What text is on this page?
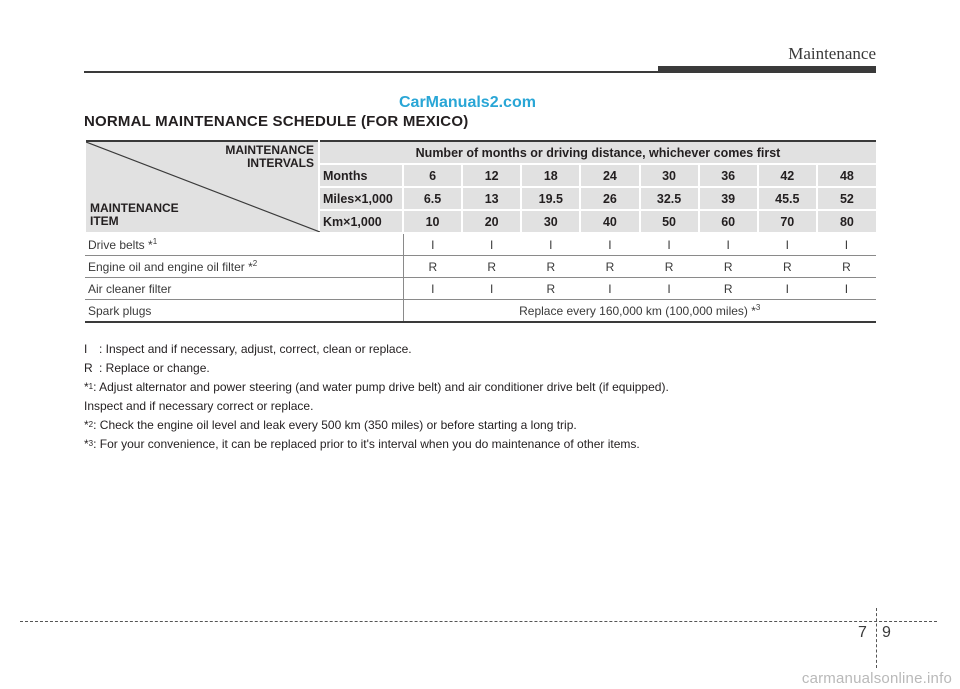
Maintenance
CarManuals2.com
NORMAL MAINTENANCE SCHEDULE (FOR MEXICO)
MAINTENANCE
INTERVALS
MAINTENANCE
ITEM	Number of months or driving distance, whichever comes first								
	Months	6	12	18	24	30	36	42	48
	Miles×1,000	6.5	13	19.5	26	32.5	39	45.5	52
	Km×1,000	10	20	30	40	50	60	70	80
Drive belts *$^1$		I	I	I	I	I	I	I	I
Engine oil and engine oil filter *$^2$		R	R	R	R	R	R	R	R
Air cleaner filter		I	I	R	I	I	R	I	I
Spark plugs		Replace every 160,000 km (100,000 miles) *$^3$
I : Inspect and if necessary, adjust, correct, clean or replace.
R : Replace or change.
*$^1$ : Adjust alternator and power steering (and water pump drive belt) and air conditioner drive belt (if equipped).
Inspect and if necessary correct or replace.
*$^2$ : Check the engine oil level and leak every 500 km (350 miles) or before starting a long trip.
*$^3$ : For your convenience, it can be replaced prior to it's interval when you do maintenance of other items.
7 9
carmanualsonline.info
